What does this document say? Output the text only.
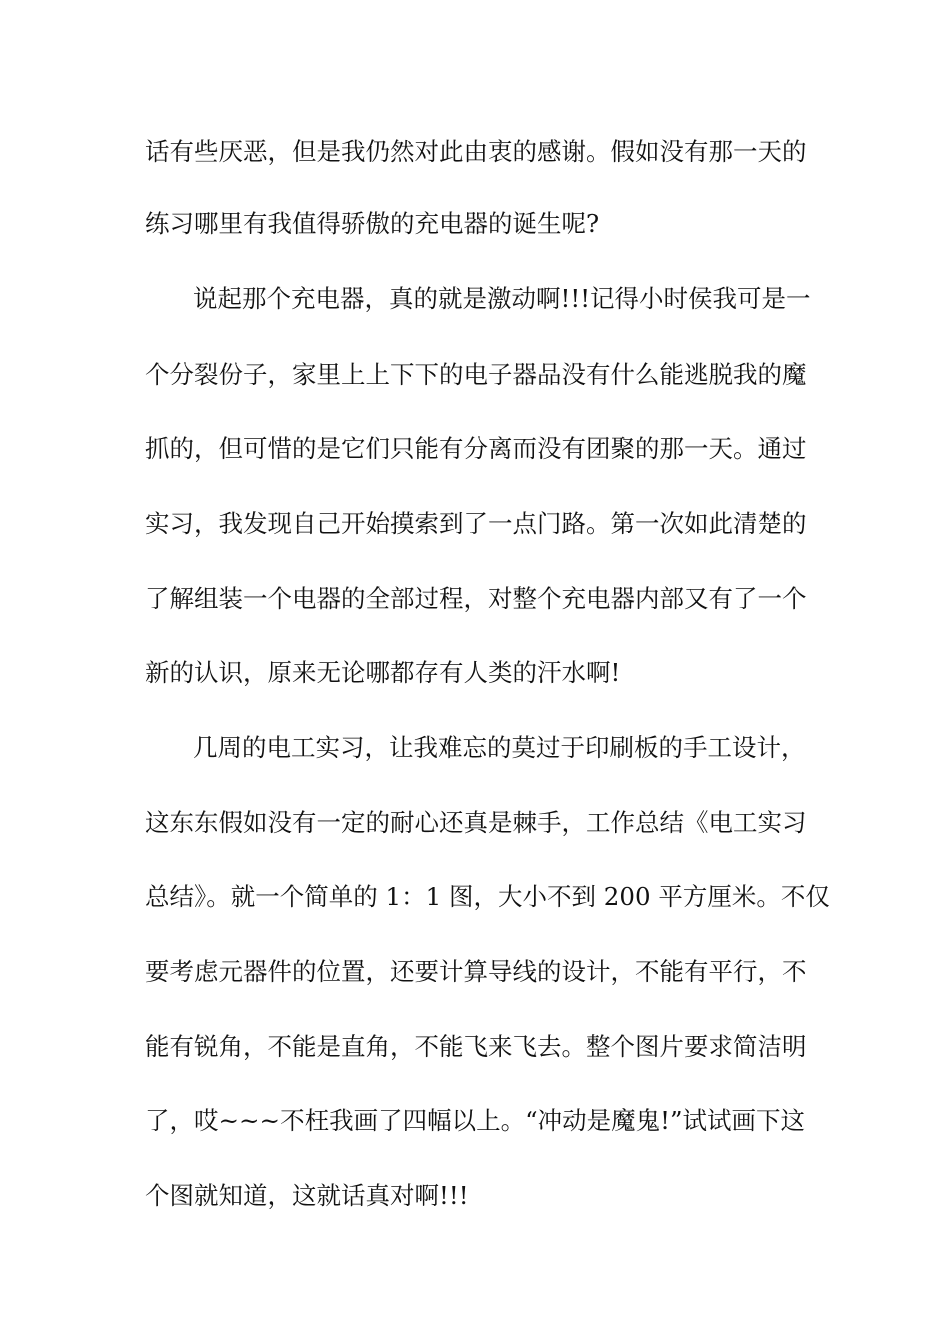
话有些厌恶，但是我仍然对此由衷的感谢。假如没有那一天的
练习哪里有我值得骄傲的充电器的诞生呢?
说起那个充电器，真的就是激动啊!!!记得小时侯我可是一
个分裂份子，家里上上下下的电子器品没有什么能逃脱我的魔
抓的，但可惜的是它们只能有分离而没有团聚的那一天。通过
实习，我发现自己开始摸索到了一点门路。第一次如此清楚的
了解组装一个电器的全部过程，对整个充电器内部又有了一个
新的认识，原来无论哪都存有人类的汗水啊!
几周的电工实习，让我难忘的莫过于印刷板的手工设计，
这东东假如没有一定的耐心还真是棘手，工作总结《电工实习
总结》。就一个简单的 1：1 图，大小不到 200 平方厘米。不仅
要考虑元器件的位置，还要计算导线的设计，不能有平行，不
能有锐角，不能是直角，不能飞来飞去。整个图片要求简洁明
了，哎~~~不枉我画了四幅以上。“冲动是魔鬼!”试试画下这
个图就知道，这就话真对啊!!!
